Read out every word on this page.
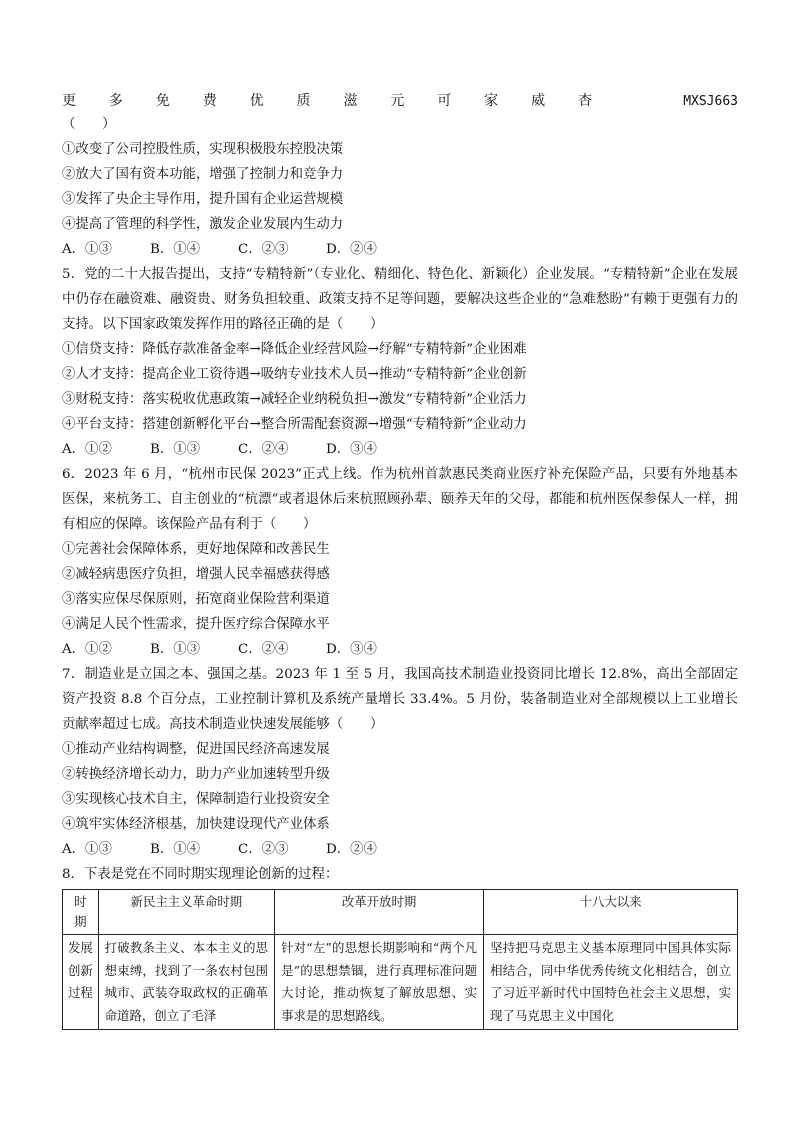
更 多 免 费 优 质 滋 元 可 家 威 杏	MXSJ663
（　　）
①改变了公司控股性质，实现积极股东控股决策
②放大了国有资本功能，增强了控制力和竞争力
③发挥了央企主导作用，提升国有企业运营规模
④提高了管理的科学性，激发企业发展内生动力
A．①③	B．①④	C．②③	D．②④
5．党的二十大报告提出，支持“专精特新”（专业化、精细化、特色化、新颖化）企业发展。“专精特新”企业在发展中仍存在融资难、融资贵、财务负担较重、政策支持不足等问题，要解决这些企业的“急难愁盼”有赖于更强有力的支持。以下国家政策发挥作用的路径正确的是（　　）
①信贷支持：降低存款准备金率→降低企业经营风险→纾解“专精特新”企业困难
②人才支持：提高企业工资待遇→吸纳专业技术人员→推动“专精特新”企业创新
③财税支持：落实税收优惠政策→减轻企业纳税负担→激发“专精特新”企业活力
④平台支持：搭建创新孵化平台→整合所需配套资源→增强“专精特新”企业动力
A．①②	B．①③	C．②④	D．③④
6．2023 年 6 月，“杭州市民保 2023”正式上线。作为杭州首款惠民类商业医疗补充保险产品，只要有外地基本医保，来杭务工、自主创业的“杭漂”或者退休后来杭照顾孙辈、颐养天年的父母，都能和杭州医保参保人一样，拥有相应的保障。该保险产品有利于（　　）
①完善社会保障体系，更好地保障和改善民生
②减轻病患医疗负担，增强人民幸福感获得感
③落实应保尽保原则，拓宽商业保险营利渠道
④满足人民个性需求，提升医疗综合保障水平
A．①②	B．①③	C．②④	D．③④
7．制造业是立国之本、强国之基。2023 年 1 至 5 月，我国高技术制造业投资同比增长 12.8%，高出全部固定资产投资 8.8 个百分点，工业控制计算机及系统产量增长 33.4%。5 月份，装备制造业对全部规模以上工业增长贡献率超过七成。高技术制造业快速发展能够（　　）
①推动产业结构调整，促进国民经济高速发展
②转换经济增长动力，助力产业加速转型升级
③实现核心技术自主，保障制造行业投资安全
④筑牢实体经济根基，加快建设现代产业体系
A．①③	B．①④	C．②③	D．②④
8．下表是党在不同时期实现理论创新的过程：
时期	新民主主义革命时期	改革开放时期	十八大以来
发展创新过程	打破教条主义、本本主义的思想束缚，找到了一条农村包围城市、武装夺取政权的正确革命道路，创立了毛泽	针对“左”的思想长期影响和“两个凡是”的思想禁锢，进行真理标准问题大讨论，推动恢复了解放思想、实事求是的思想路线。	坚持把马克思主义基本原理同中国具体实际相结合，同中华优秀传统文化相结合，创立了习近平新时代中国特色社会主义思想，实现了马克思主义中国化
